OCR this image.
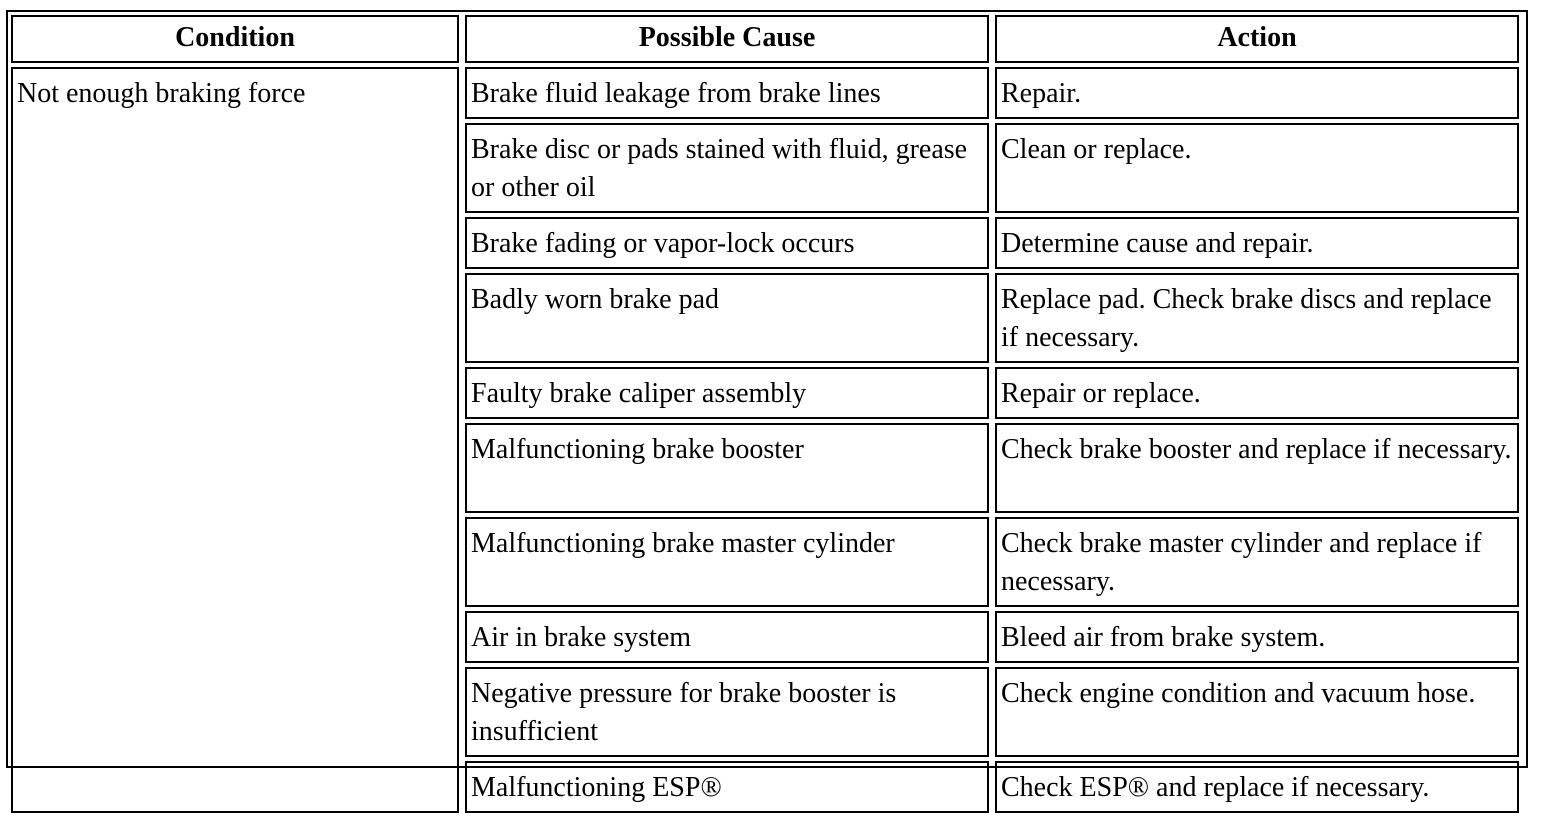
Condition	Possible Cause	Action
Not enough braking force	Brake fluid leakage from brake lines	Repair.
	Brake disc or pads stained with fluid, grease or other oil	Clean or replace.
	Brake fading or vapor-lock occurs	Determine cause and repair.
	Badly worn brake pad	Replace pad. Check brake discs and replace if necessary.
	Faulty brake caliper assembly	Repair or replace.
	Malfunctioning brake booster	Check brake booster and replace if necessary.
	Malfunctioning brake master cylinder	Check brake master cylinder and replace if necessary.
	Air in brake system	Bleed air from brake system.
	Negative pressure for brake booster is insufficient	Check engine condition and vacuum hose.
	Malfunctioning ESP®	Check ESP® and replace if necessary.
